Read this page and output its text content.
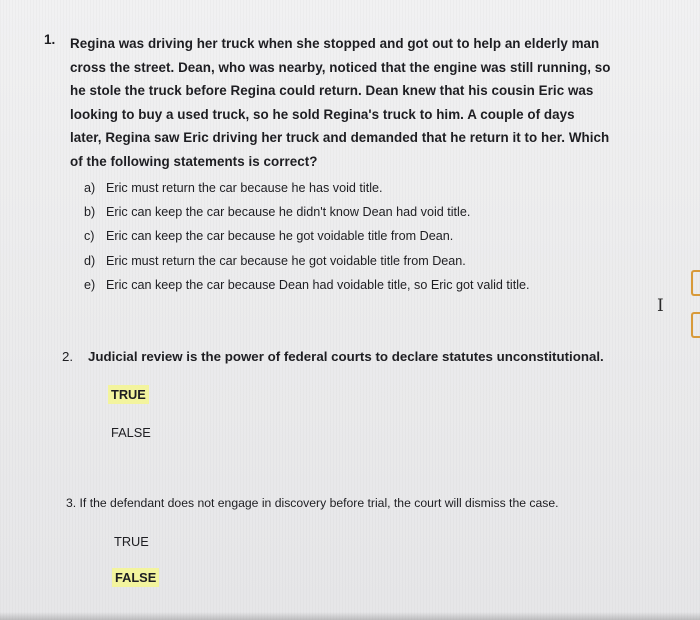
1. Regina was driving her truck when she stopped and got out to help an elderly man
cross the street. Dean, who was nearby, noticed that the engine was still running, so
he stole the truck before Regina could return. Dean knew that his cousin Eric was
looking to buy a used truck, so he sold Regina's truck to him. A couple of days
later, Regina saw Eric driving her truck and demanded that he return it to her. Which
of the following statements is correct?
a) Eric must return the car because he has void title.
b) Eric can keep the car because he didn't know Dean had void title.
c) Eric can keep the car because he got voidable title from Dean.
d) Eric must return the car because he got voidable title from Dean.
e) Eric can keep the car because Dean had voidable title, so Eric got valid title.
2. Judicial review is the power of federal courts to declare statutes unconstitutional.
TRUE
FALSE
3. If the defendant does not engage in discovery before trial, the court will dismiss the case.
TRUE
FALSE
I
